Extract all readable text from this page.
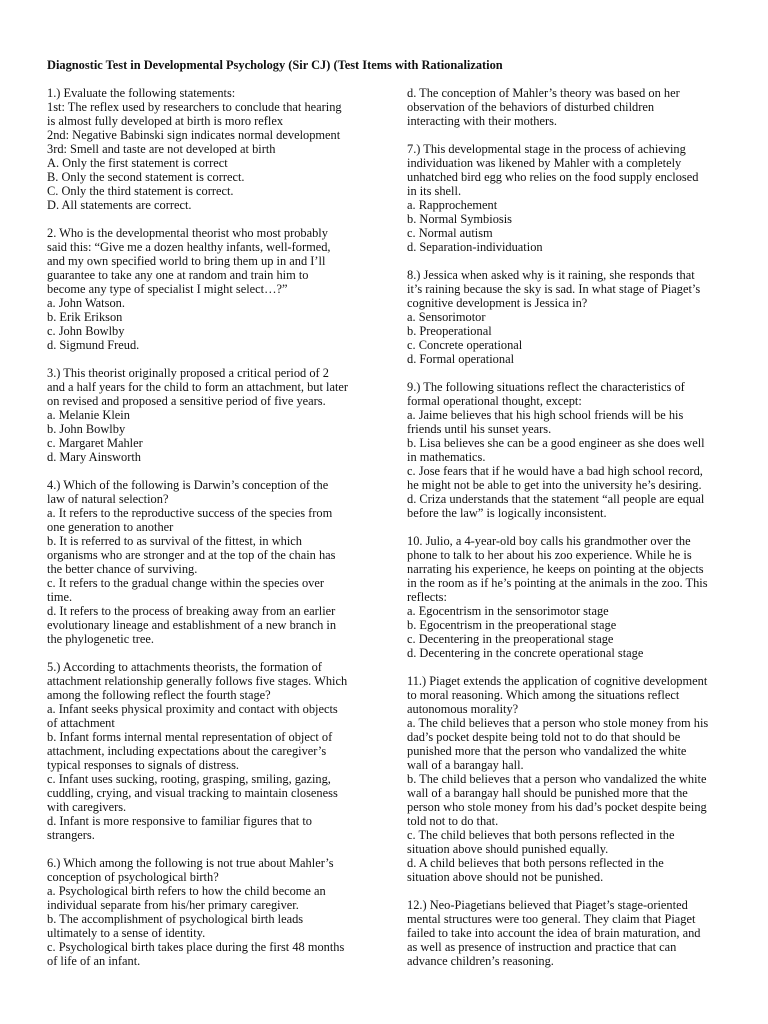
Diagnostic Test in Developmental Psychology (Sir CJ) (Test Items with Rationalization
1.) Evaluate the following statements:
1st: The reflex used by researchers to conclude that hearing
is almost fully developed at birth is moro reflex
2nd: Negative Babinski sign indicates normal development
3rd: Smell and taste are not developed at birth
A. Only the first statement is correct
B. Only the second statement is correct.
C. Only the third statement is correct.
D. All statements are correct.
2. Who is the developmental theorist who most probably
said this: “Give me a dozen healthy infants, well-formed,
and my own specified world to bring them up in and I’ll
guarantee to take any one at random and train him to
become any type of specialist I might select…?”
a. John Watson.
b. Erik Erikson
c. John Bowlby
d. Sigmund Freud.
3.) This theorist originally proposed a critical period of 2
and a half years for the child to form an attachment, but later
on revised and proposed a sensitive period of five years.
a. Melanie Klein
b. John Bowlby
c. Margaret Mahler
d. Mary Ainsworth
4.) Which of the following is Darwin’s conception of the
law of natural selection?
a. It refers to the reproductive success of the species from
one generation to another
b. It is referred to as survival of the fittest, in which
organisms who are stronger and at the top of the chain has
the better chance of surviving.
c. It refers to the gradual change within the species over
time.
d. It refers to the process of breaking away from an earlier
evolutionary lineage and establishment of a new branch in
the phylogenetic tree.
5.) According to attachments theorists, the formation of
attachment relationship generally follows five stages. Which
among the following reflect the fourth stage?
a. Infant seeks physical proximity and contact with objects
of attachment
b. Infant forms internal mental representation of object of
attachment, including expectations about the caregiver’s
typical responses to signals of distress.
c. Infant uses sucking, rooting, grasping, smiling, gazing,
cuddling, crying, and visual tracking to maintain closeness
with caregivers.
d. Infant is more responsive to familiar figures that to
strangers.
6.) Which among the following is not true about Mahler’s
conception of psychological birth?
a. Psychological birth refers to how the child become an
individual separate from his/her primary caregiver.
b. The accomplishment of psychological birth leads
ultimately to a sense of identity.
c. Psychological birth takes place during the first 48 months
of life of an infant.
d. The conception of Mahler’s theory was based on her
observation of the behaviors of disturbed children
interacting with their mothers.
7.) This developmental stage in the process of achieving
individuation was likened by Mahler with a completely
unhatched bird egg who relies on the food supply enclosed
in its shell.
a. Rapprochement
b. Normal Symbiosis
c. Normal autism
d. Separation-individuation
8.) Jessica when asked why is it raining, she responds that
it’s raining because the sky is sad. In what stage of Piaget’s
cognitive development is Jessica in?
a. Sensorimotor
b. Preoperational
c. Concrete operational
d. Formal operational
9.) The following situations reflect the characteristics of
formal operational thought, except:
a. Jaime believes that his high school friends will be his
friends until his sunset years.
b. Lisa believes she can be a good engineer as she does well
in mathematics.
c. Jose fears that if he would have a bad high school record,
he might not be able to get into the university he’s desiring.
d. Criza understands that the statement “all people are equal
before the law” is logically inconsistent.
10. Julio, a 4-year-old boy calls his grandmother over the
phone to talk to her about his zoo experience. While he is
narrating his experience, he keeps on pointing at the objects
in the room as if he’s pointing at the animals in the zoo. This
reflects:
a. Egocentrism in the sensorimotor stage
b. Egocentrism in the preoperational stage
c. Decentering in the preoperational stage
d. Decentering in the concrete operational stage
11.) Piaget extends the application of cognitive development
to moral reasoning. Which among the situations reflect
autonomous morality?
a. The child believes that a person who stole money from his
dad’s pocket despite being told not to do that should be
punished more that the person who vandalized the white
wall of a barangay hall.
b. The child believes that a person who vandalized the white
wall of a barangay hall should be punished more that the
person who stole money from his dad’s pocket despite being
told not to do that.
c. The child believes that both persons reflected in the
situation above should punished equally.
d. A child believes that both persons reflected in the
situation above should not be punished.
12.) Neo-Piagetians believed that Piaget’s stage-oriented
mental structures were too general. They claim that Piaget
failed to take into account the idea of brain maturation, and
as well as presence of instruction and practice that can
advance children’s reasoning.
